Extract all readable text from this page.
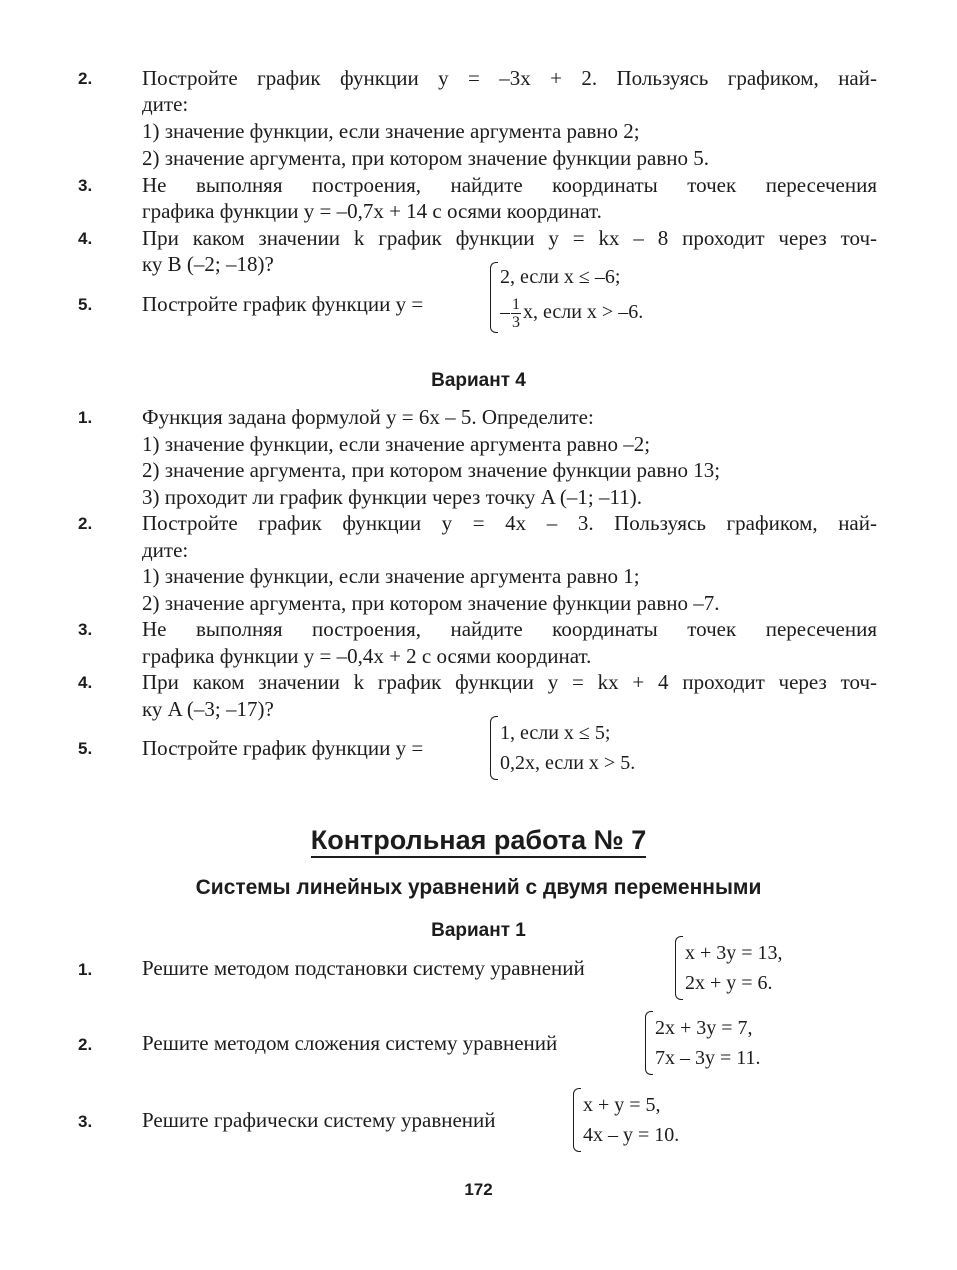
2.	Постройте график функции y = –3x + 2. Пользуясь графиком, най-
дите:
1) значение функции, если значение аргумента равно 2;
2) значение аргумента, при котором значение функции равно 5.
3.	Не выполняя построения, найдите координаты точек пересечения
графика функции y = –0,7x + 14 с осями координат.
4.	При каком значении k график функции y = kx – 8 проходит через точ-
ку B (–2; –18)?
5.	Постройте график функции y =
2, если x ≤ –6;
– $\frac{1}{3} x$, если x > –6.
Вариант 4
1.	Функция задана формулой y = 6x – 5. Определите:
1) значение функции, если значение аргумента равно –2;
2) значение аргумента, при котором значение функции равно 13;
3) проходит ли график функции через точку A (–1; –11).
2.	Постройте график функции y = 4x – 3. Пользуясь графиком, най-
дите:
1) значение функции, если значение аргумента равно 1;
2) значение аргумента, при котором значение функции равно –7.
3.	Не выполняя построения, найдите координаты точек пересечения
графика функции y = –0,4x + 2 с осями координат.
4.	При каком значении k график функции y = kx + 4 проходит через точ-
ку A (–3; –17)?
5.	Постройте график функции y =
1, если x ≤ 5;
0,2x, если x > 5.
Контрольная работа № 7
Системы линейных уравнений с двумя переменными
Вариант 1
1.	Решите методом подстановки систему уравнений
x + 3y = 13,
2x + y = 6.
2.	Решите методом сложения систему уравнений
2x + 3y = 7,
7x – 3y = 11.
3.	Решите графически систему уравнений
x + y = 5,
4x – y = 10.
172
